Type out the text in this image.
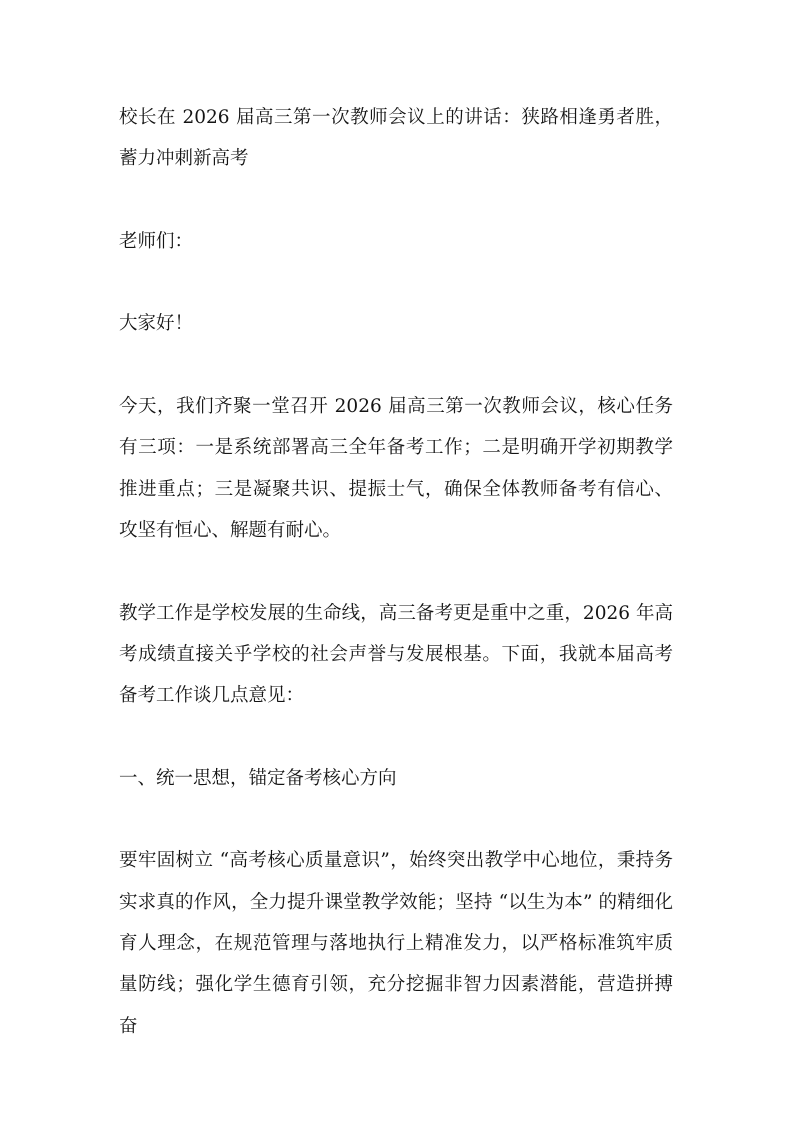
校长在 2026 届高三第一次教师会议上的讲话：狭路相逢勇者胜，蓄力冲刺新高考

老师们：

大家好！

今天，我们齐聚一堂召开 2026 届高三第一次教师会议，核心任务有三项：一是系统部署高三全年备考工作；二是明确开学初期教学推进重点；三是凝聚共识、提振士气，确保全体教师备考有信心、攻坚有恒心、解题有耐心。

教学工作是学校发展的生命线，高三备考更是重中之重，2026 年高考成绩直接关乎学校的社会声誉与发展根基。下面，我就本届高考备考工作谈几点意见：

一、统一思想，锚定备考核心方向

要牢固树立 “高考核心质量意识”，始终突出教学中心地位，秉持务实求真的作风，全力提升课堂教学效能；坚持 “以生为本” 的精细化育人理念，在规范管理与落地执行上精准发力，以严格标准筑牢质量防线；强化学生德育引领，充分挖掘非智力因素潜能，营造拼搏奋
